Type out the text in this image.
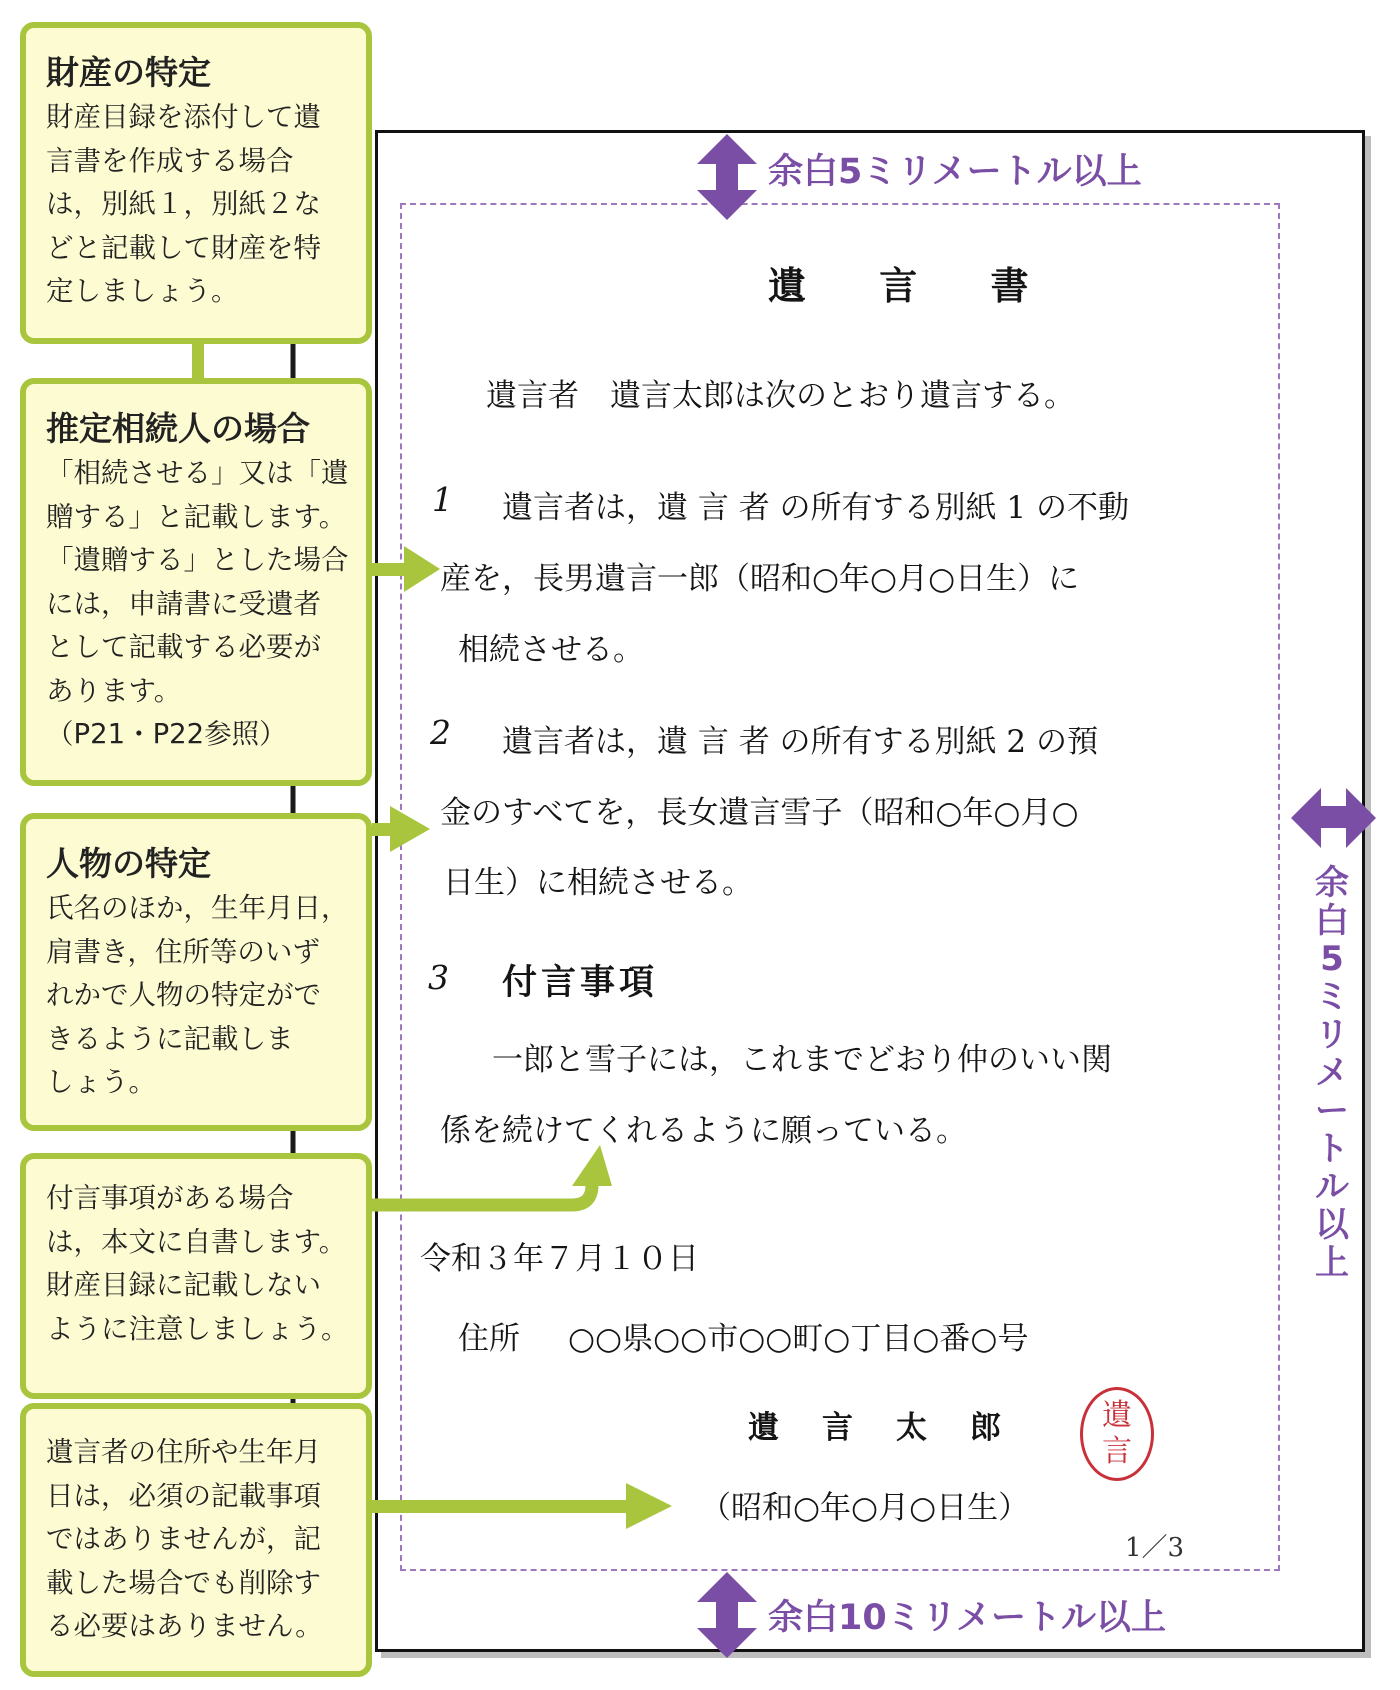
財産の特定

財産目録を添付して遺
言書を作成する場合
は，別紙１，別紙２な
どと記載して財産を特
定しましょう。

推定相続人の場合

「相続させる」又は「遺
贈する」と記載します。
「遺贈する」とした場合
には，申請書に受遺者
として記載する必要が
あります。
（P21・P22参照）

人物の特定

氏名のほか，生年月日，
肩書き，住所等のいず
れかで人物の特定がで
きるように記載しま
しょう。

付言事項がある場合
は，本文に自書します。
財産目録に記載しない
ように注意しましょう。

遺言者の住所や生年月
日は，必須の記載事項
ではありませんが，記
載した場合でも削除す
る必要はありません。

余白5ミリメートル以上
余白10ミリメートル以上
余白5ミリメートル以上
遺 言 書
遺言者　遺言太郎は次のとおり遺言する。
1 遺言者は，遺 言 者 の所有する別紙 1 の不動
産を，長男遺言一郎（昭和○年○月○日生）に
相続させる。
2 遺言者は，遺 言 者 の所有する別紙 2 の預
金のすべてを，長女遺言雪子（昭和○年○月○
日生）に相続させる。
3 付言事項
一郎と雪子には，これまでどおり仲のいい関
係を続けてくれるように願っている。
令和３年７月１０日
住所 ○○県○○市○○町○丁目○番○号
遺　言　太　郎
（昭和○年○月○日生）
遺
言
1／3
